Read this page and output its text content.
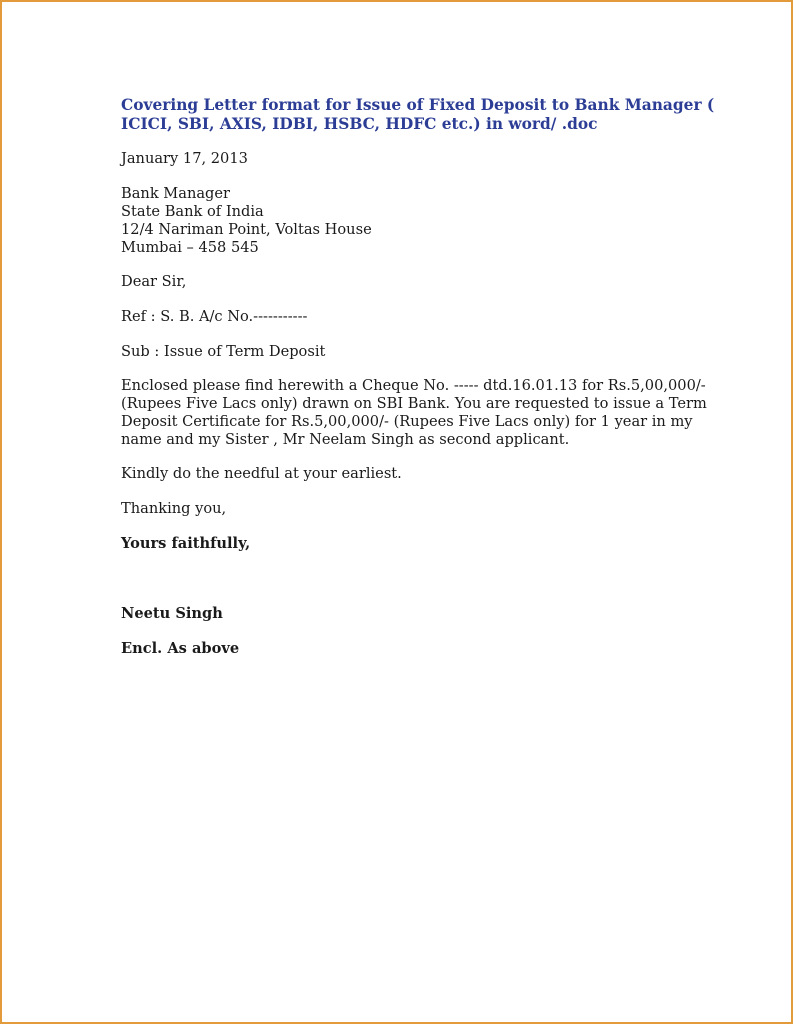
Covering Letter format for Issue of Fixed Deposit to Bank Manager (
ICICI, SBI, AXIS, IDBI, HSBC, HDFC etc.) in word/ .doc
January 17, 2013
Bank Manager
State Bank of India
12/4 Nariman Point, Voltas House
Mumbai – 458 545
Dear Sir,
Ref : S. B. A/c No.-----------
Sub : Issue of Term Deposit
Enclosed please find herewith a Cheque No. ----- dtd.16.01.13 for Rs.5,00,000/-
(Rupees Five Lacs only) drawn on SBI Bank. You are requested to issue a Term
Deposit Certificate for Rs.5,00,000/- (Rupees Five Lacs only) for 1 year in my
name and my Sister , Mr Neelam Singh as second applicant.
Kindly do the needful at your earliest.
Thanking you,
Yours faithfully,
Neetu Singh
Encl. As above
